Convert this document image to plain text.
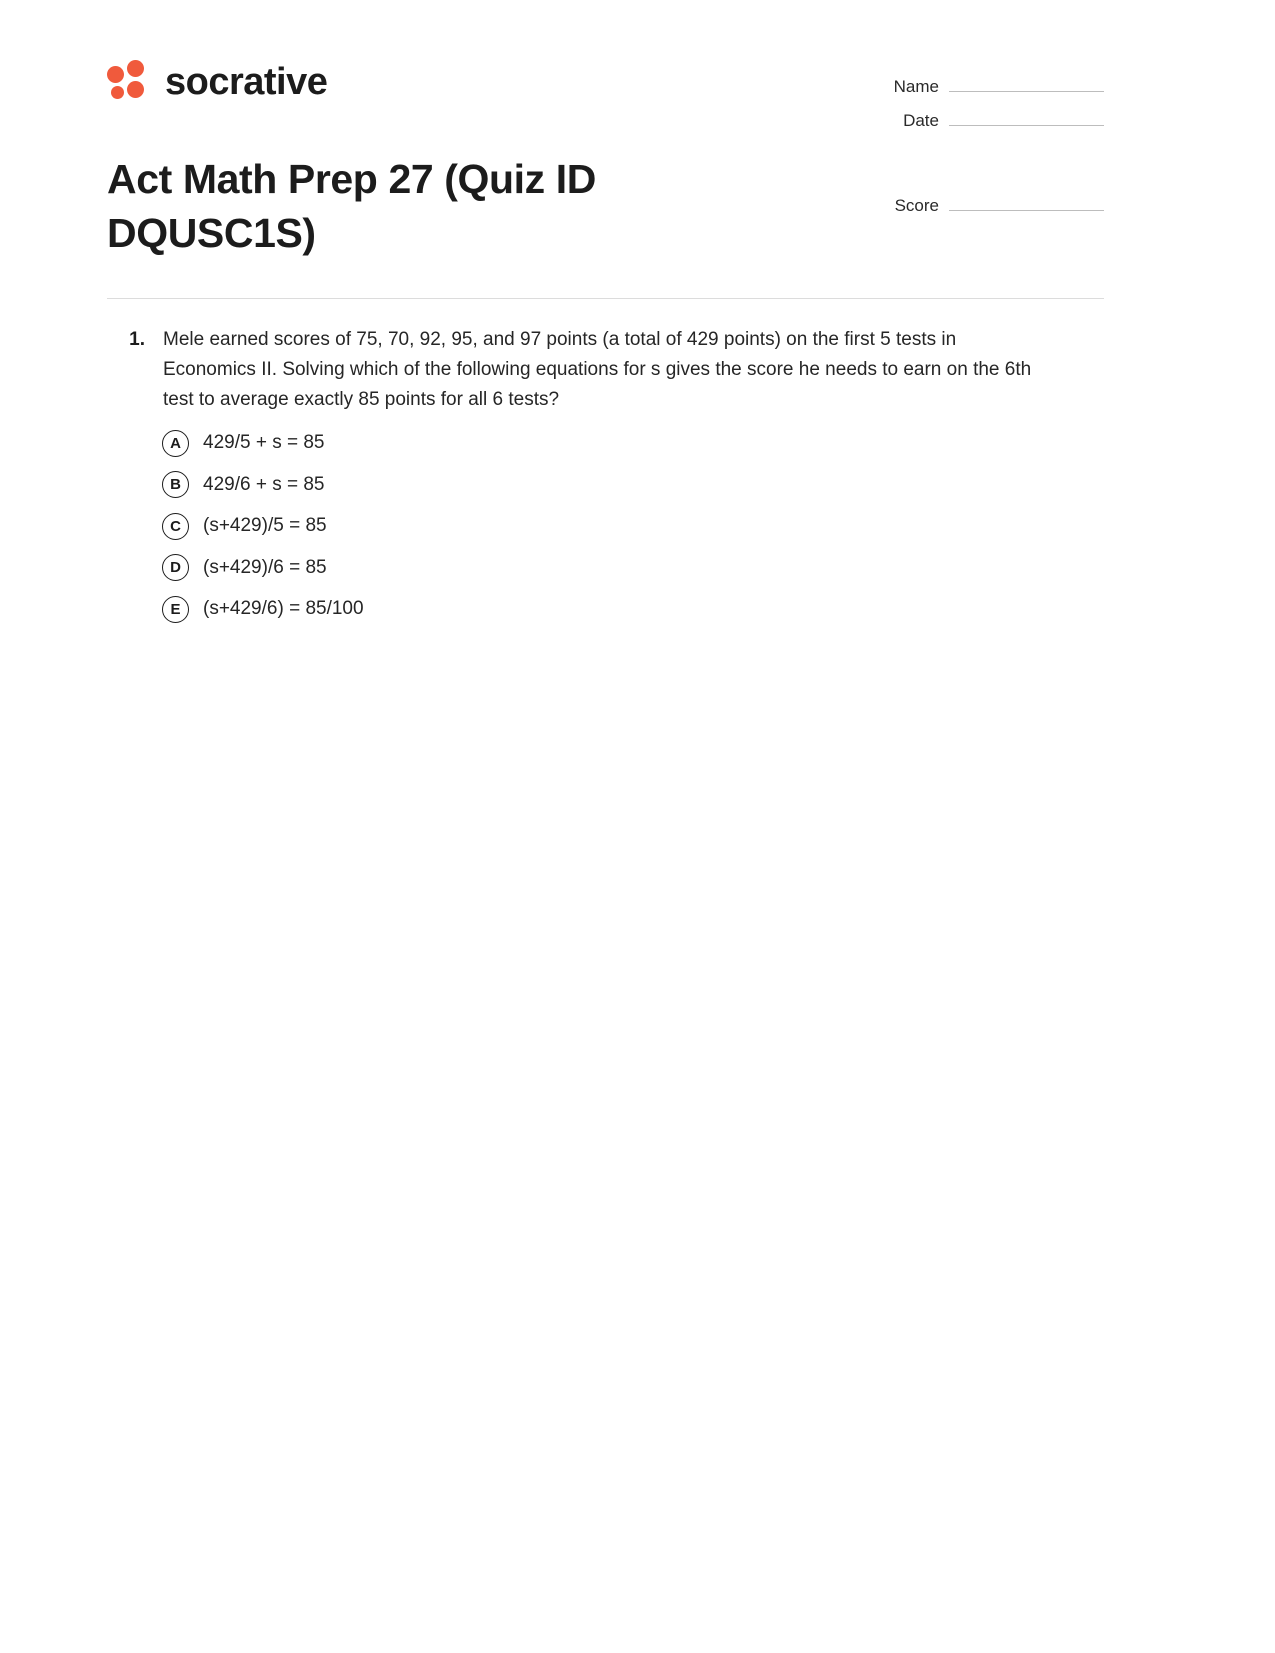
socrative	Name
Date
Score
Act Math Prep 27 (Quiz ID DQUSC1S)
1. Mele earned scores of 75, 70, 92, 95, and 97 points (a total of 429 points) on the first 5 tests in Economics II. Solving which of the following equations for s gives the score he needs to earn on the 6th test to average exactly 85 points for all 6 tests?
A	429/5 + s = 85
B	429/6 + s = 85
C	(s+429)/5 = 85
D	(s+429)/6 = 85
E	(s+429/6) = 85/100
